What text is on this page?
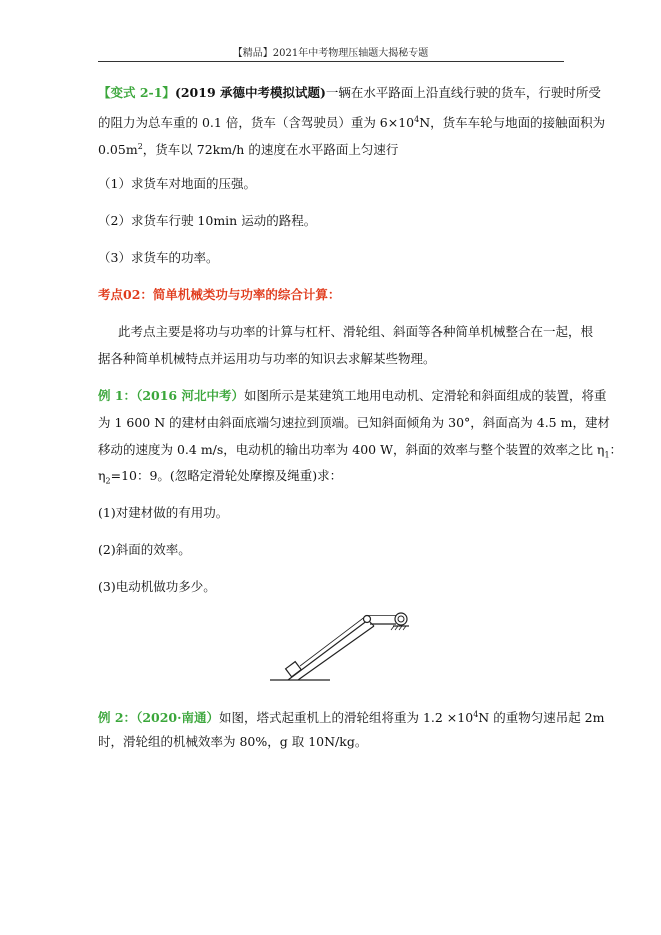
【精品】2021年中考物理压轴题大揭秘专题
【变式 2-1】(2019 承德中考模拟试题)一辆在水平路面上沿直线行驶的货车，行驶时所受
的阻力为总车重的 0.1 倍，货车（含驾驶员）重为 $6\times 10^4N$，货车车轮与地面的接触面积为
$0.05m^2$，货车以 72km/h 的速度在水平路面上匀速行
（1）求货车对地面的压强。
（2）求货车行驶 10min 运动的路程。
（3）求货车的功率。
考点02：简单机械类功与功率的综合计算：
此考点主要是将功与功率的计算与杠杆、滑轮组、斜面等各种简单机械整合在一起，根
据各种简单机械特点并运用功与功率的知识去求解某些物理。
例 1：（2016 河北中考）如图所示是某建筑工地用电动机、定滑轮和斜面组成的装置，将重
为 1 600 N 的建材由斜面底端匀速拉到顶端。已知斜面倾角为 30°，斜面高为 4.5 m，建材
移动的速度为 0.4 m/s，电动机的输出功率为 400 W，斜面的效率与整个装置的效率之比 $\eta_1$：
$\eta_2=10$：9。(忽略定滑轮处摩擦及绳重)求：
(1)对建材做的有用功。
(2)斜面的效率。
(3)电动机做功多少。
例 2：（2020·南通）如图，塔式起重机上的滑轮组将重为 $1.2 \times 10^4N$ 的重物匀速吊起 2m
时，滑轮组的机械效率为 80%，g 取 10N/kg。
